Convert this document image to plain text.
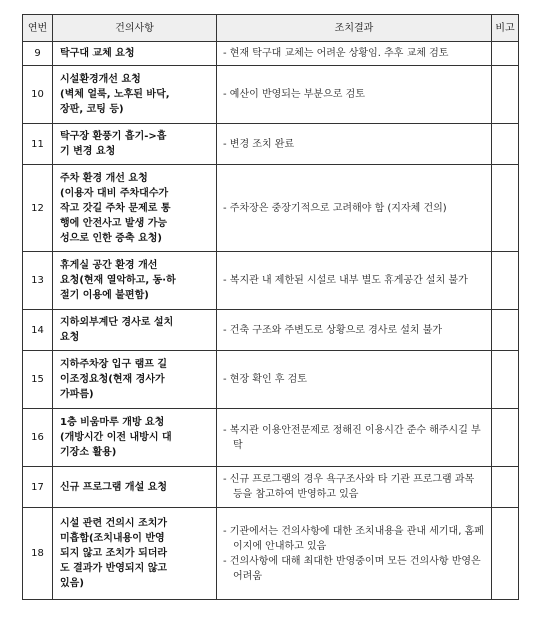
연번	건의사항	조치결과	비고
9	탁구대 교체 요청	- 현재 탁구대 교체는 어려운 상황임. 추후 교체 검토	

10	시설환경개선 요청
(벽체 얼룩, 노후된 바닥,
장판, 코팅 등)	- 예산이 반영되는 부분으로 검토	

11	탁구장 환풍기 흡기->흡
기 변경 요청	- 변경 조치 완료	

12	주차 환경 개선 요청
(이용자 대비 주차대수가
작고 갓길 주차 문제로 통
행에 안전사고 발생 가능
성으로 인한 증축 요청)	- 주차장은 중장기적으로 고려해야 함 (지자체 건의)	

13	휴게실 공간 환경 개선
요청(현재 열악하고, 동·하
절기 이용에 불편함)	- 복지관 내 제한된 시설로 내부 별도 휴게공간 설치 불가	

14	지하외부계단 경사로 설치
요청	- 건축 구조와 주변도로 상황으로 경사로 설치 불가	

15	지하주차장 입구 램프 길
이조정요청(현재 경사가
가파름)	- 현장 확인 후 검토	

16	1층 비움마루 개방 요청
(개방시간 이전 내방시 대
기장소 활용)	- 복지관 이용안전문제로 정해진 이용시간 준수 해주시길 부탁	

17	신규 프로그램 개설 요청	- 신규 프로그램의 경우 욕구조사와 타 기관 프로그램 과목 등을 참고하여 반영하고 있음	

18	시설 관련 건의시 조치가
미흡함(조치내용이 반영
되지 않고 조치가 되더라
도 결과가 반영되지 않고
있음)	- 기관에서는 건의사항에 대한 조치내용을 관내 세기대, 홈페이지에 안내하고 있음
- 건의사항에 대해 최대한 반영중이며 모든 건의사항 반영은 어려움	
